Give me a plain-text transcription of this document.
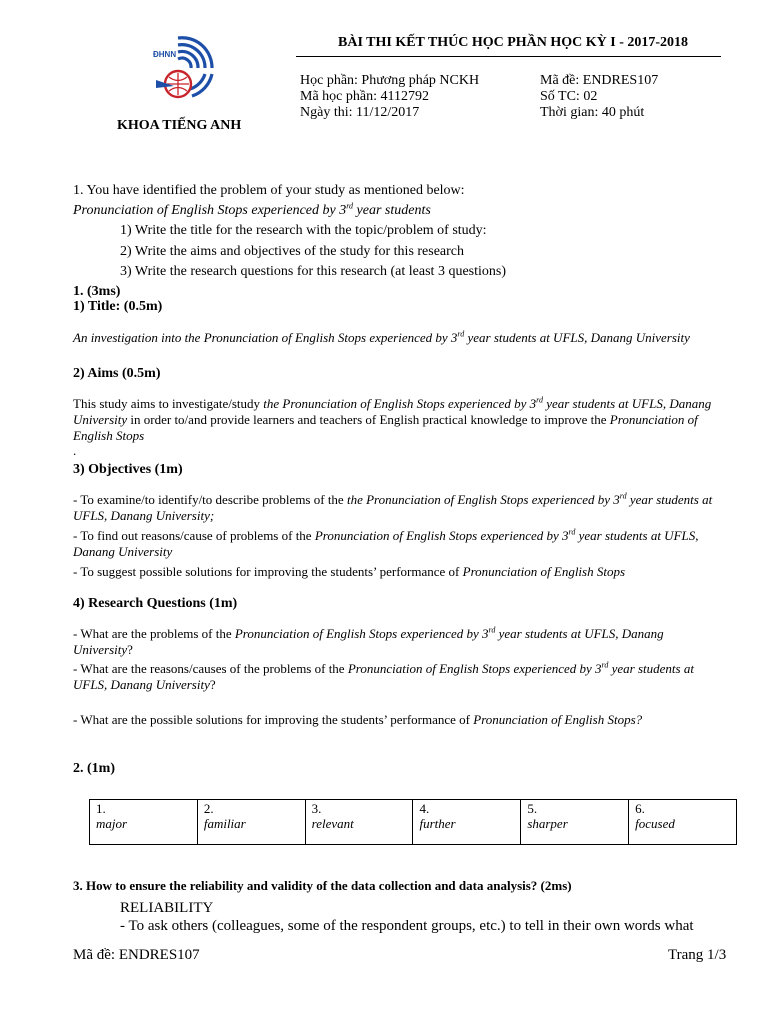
ĐHNN
KHOA TIẾNG ANH
BÀI THI KẾT THÚC HỌC PHẦN HỌC KỲ I - 2017-2018
Học phần: Phương pháp NCKH
Mã học phần: 4112792
Ngày thi: 11/12/2017
Mã đề: ENDRES107
Số TC: 02
Thời gian: 40 phút
1. You have identified the problem of your study as mentioned below:
Pronunciation of English Stops experienced by 3rd year students
1) Write the title for the research with the topic/problem of study:
2) Write the aims and objectives of the study for this research
3) Write the research questions for this research (at least 3 questions)
1. (3ms)
1) Title: (0.5m)
An investigation into the Pronunciation of English Stops experienced by 3rd year students at UFLS, Danang University
2) Aims (0.5m)
This study aims to investigate/study the Pronunciation of English Stops experienced by 3rd year students at UFLS, Danang University in order to/and provide learners and teachers of English practical knowledge to improve the Pronunciation of English Stops
.
3) Objectives (1m)
- To examine/to identify/to describe problems of the the Pronunciation of English Stops experienced by 3rd year students at UFLS, Danang University;
- To find out reasons/cause of problems of the Pronunciation of English Stops experienced by 3rd year students at UFLS, Danang University
- To suggest possible solutions for improving the students’ performance of Pronunciation of English Stops
4) Research Questions (1m)
- What are the problems of the Pronunciation of English Stops experienced by 3rd year students at UFLS, Danang University?
- What are the reasons/causes of the problems of the Pronunciation of English Stops experienced by 3rd year students at UFLS, Danang University?
- What are the possible solutions for improving the students’ performance of Pronunciation of English Stops?
2. (1m)
1.
major

2.
familiar

3.
relevant

4.
further

5.
sharper

6.
focused
3. How to ensure the reliability and validity of the data collection and data analysis? (2ms)
RELIABILITY
- To ask others (colleagues, some of the respondent groups, etc.) to tell in their own words what
Mã đề: ENDRES107	Trang 1/3
